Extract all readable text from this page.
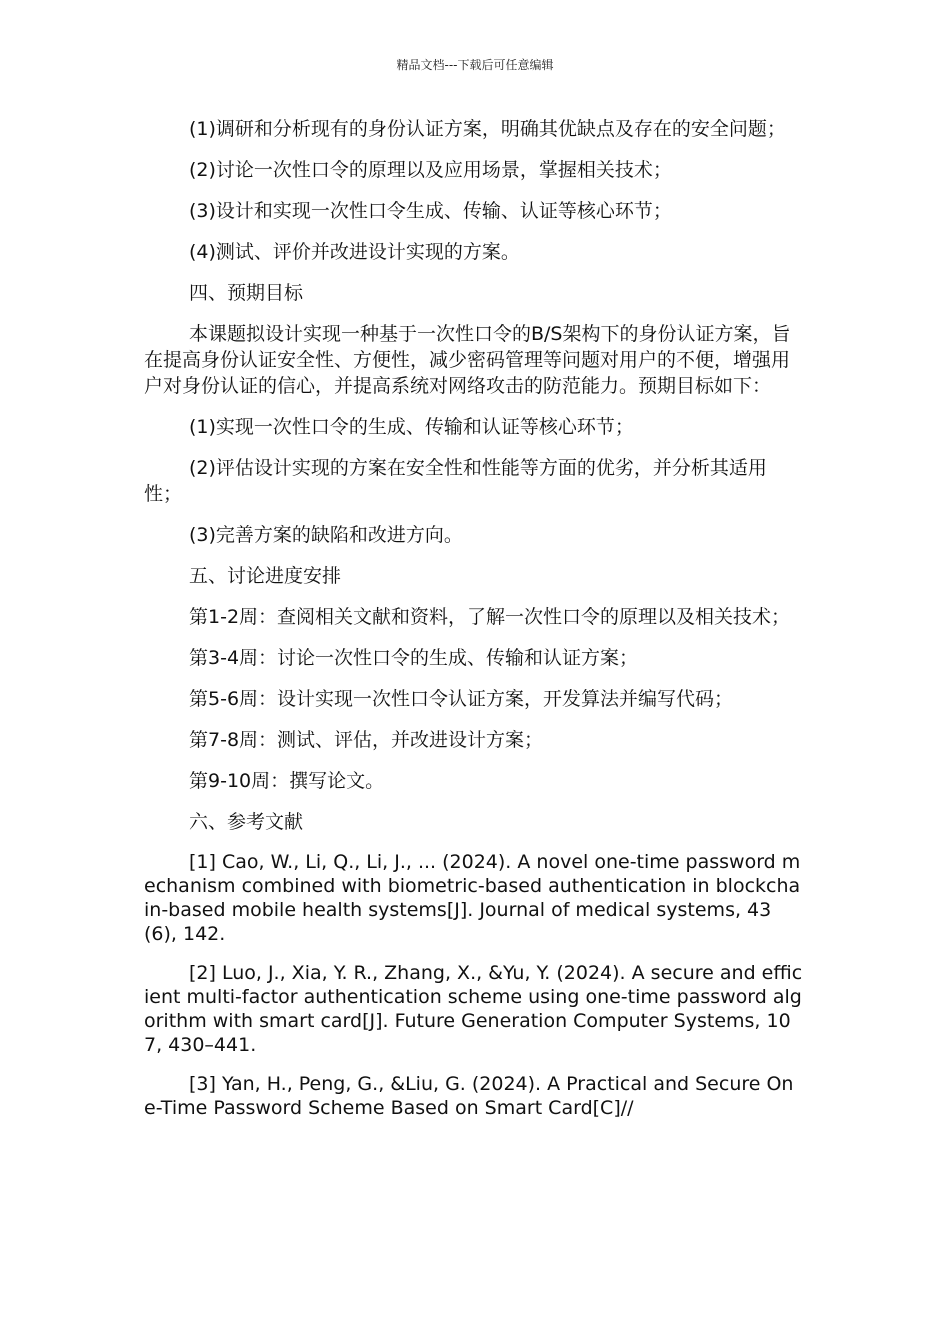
精品文档---下载后可任意编辑

(1)调研和分析现有的身份认证方案，明确其优缺点及存在的安全问题；

(2)讨论一次性口令的原理以及应用场景，掌握相关技术；

(3)设计和实现一次性口令生成、传输、认证等核心环节；

(4)测试、评价并改进设计实现的方案。

四、预期目标

本课题拟设计实现一种基于一次性口令的B/S架构下的身份认证方案，旨在提高身份认证安全性、方便性，减少密码管理等问题对用户的不便，增强用户对身份认证的信心，并提高系统对网络攻击的防范能力。预期目标如下：

(1)实现一次性口令的生成、传输和认证等核心环节；

(2)评估设计实现的方案在安全性和性能等方面的优劣，并分析其适用性；

(3)完善方案的缺陷和改进方向。

五、讨论进度安排

第1-2周：查阅相关文献和资料，了解一次性口令的原理以及相关技术；

第3-4周：讨论一次性口令的生成、传输和认证方案；

第5-6周：设计实现一次性口令认证方案，开发算法并编写代码；

第7-8周：测试、评估，并改进设计方案；

第9-10周：撰写论文。

六、参考文献

[1] Cao, W., Li, Q., Li, J., ... (2024). A novel one-time password mechanism combined with biometric-based authentication in blockchain-based mobile health systems[J]. Journal of medical systems, 43(6), 142.

[2] Luo, J., Xia, Y. R., Zhang, X., &Yu, Y. (2024). A secure and efficient multi-factor authentication scheme using one-time password algorithm with smart card[J]. Future Generation Computer Systems, 107, 430–441.

[3] Yan, H., Peng, G., &Liu, G. (2024). A Practical and Secure One-Time Password Scheme Based on Smart Card[C]//
